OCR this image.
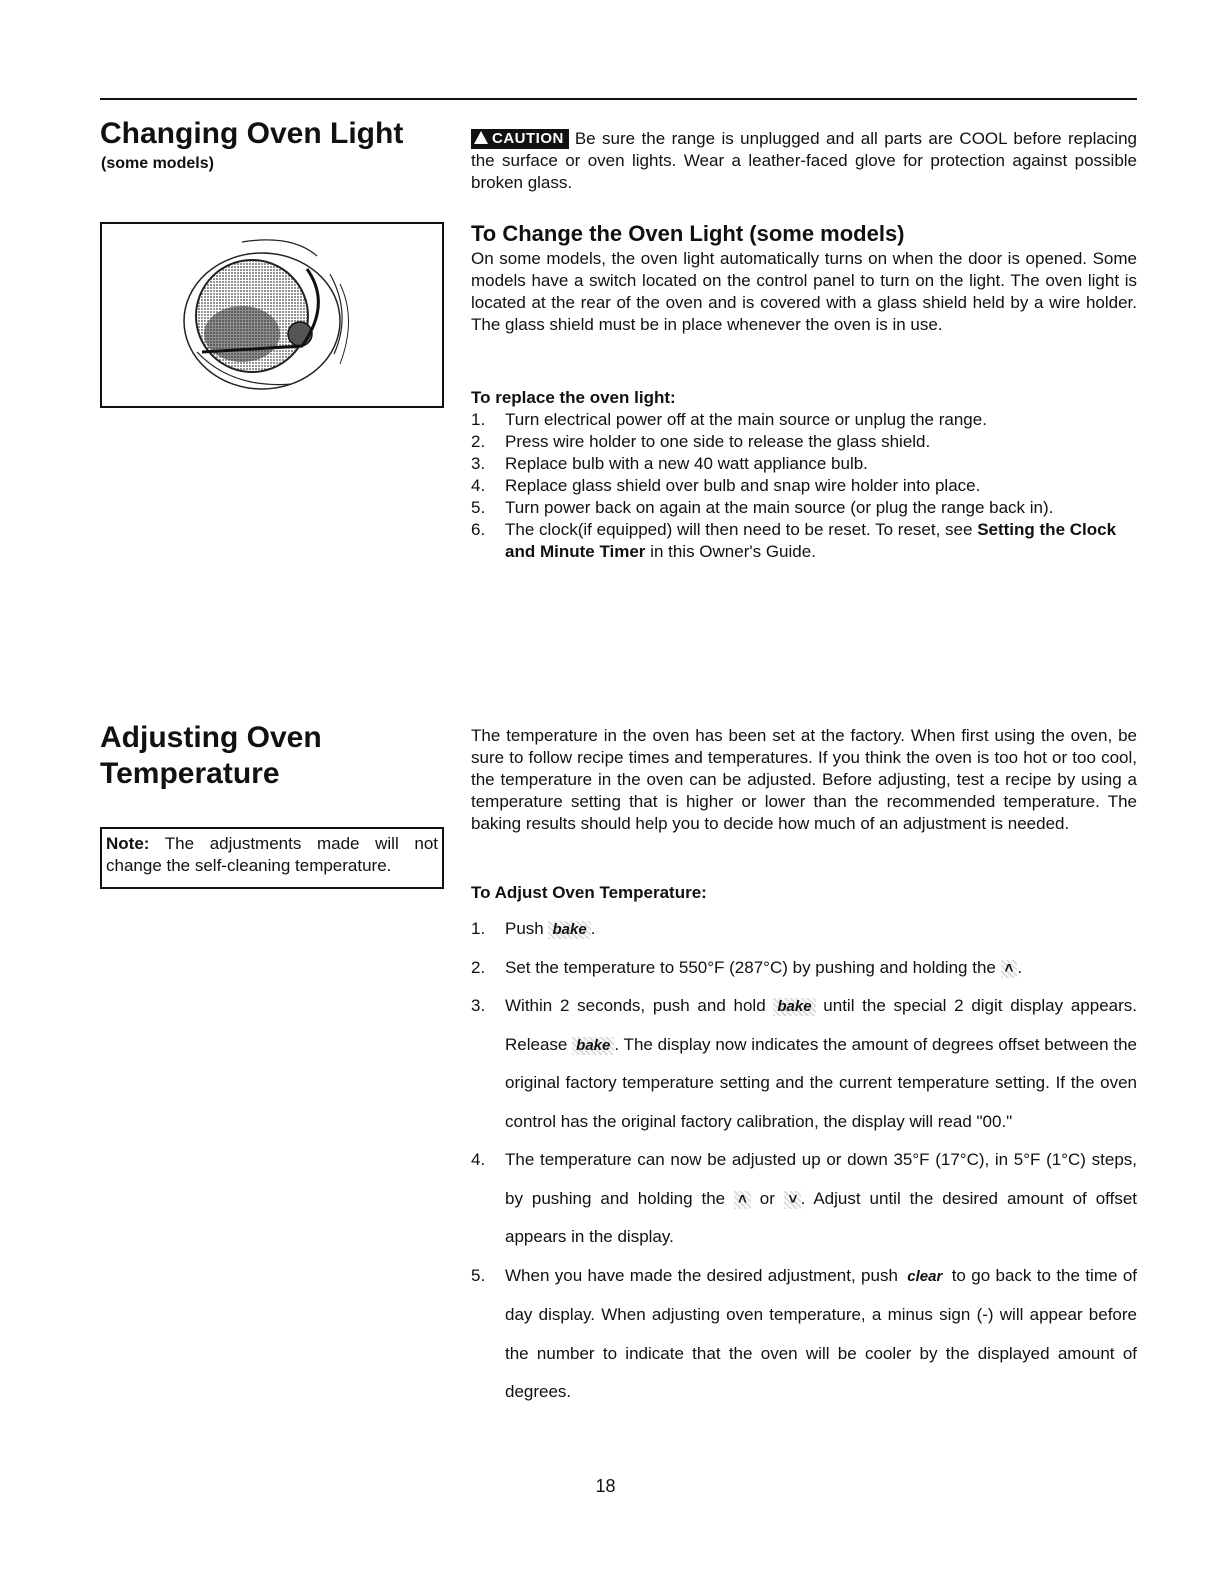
Changing Oven Light
(some models)
CAUTION Be sure the range is unplugged and all parts are COOL before replacing the surface or oven lights. Wear a leather-faced glove for protection against possible broken glass.
To Change the Oven Light (some models)

On some models, the oven light automatically turns on when the door is opened. Some models have a switch located on the control panel to turn on the light. The oven light is located at the rear of the oven and is covered with a glass shield held by a wire holder. The glass shield must be in place whenever the oven is in use.

To replace the oven light:
1. Turn electrical power off at the main source or unplug the range.
2. Press wire holder to one side to release the glass shield.
3. Replace bulb with a new 40 watt appliance bulb.
4. Replace glass shield over bulb and snap wire holder into place.
5. Turn power back on again at the main source (or plug the range back in).
6. The clock(if equipped) will then need to be reset. To reset, see Setting the Clock and Minute Timer in this Owner's Guide.
Adjusting Oven
Temperature
Note: The adjustments made will not change the self-cleaning temperature.
The temperature in the oven has been set at the factory. When first using the oven, be sure to follow recipe times and temperatures. If you think the oven is too hot or too cool, the temperature in the oven can be adjusted. Before adjusting, test a recipe by using a temperature setting that is higher or lower than the recommended temperature. The baking results should help you to decide how much of an adjustment is needed.
To Adjust Oven Temperature:
1. Push bake .
2. Set the temperature to 550°F (287°C) by pushing and holding the ˄ .
3. Within 2 seconds, push and hold bake until the special 2 digit display appears. Release bake . The display now indicates the amount of degrees offset between the original factory temperature setting and the current temperature setting. If the oven control has the original factory calibration, the display will read "00."
4. The temperature can now be adjusted up or down 35°F (17°C), in 5°F (1°C) steps, by pushing and holding the ˄ or ˅ . Adjust until the desired amount of offset appears in the display.
5. When you have made the desired adjustment, push clear to go back to the time of day display. When adjusting oven temperature, a minus sign (-) will appear before the number to indicate that the oven will be cooler by the displayed amount of degrees.
18
